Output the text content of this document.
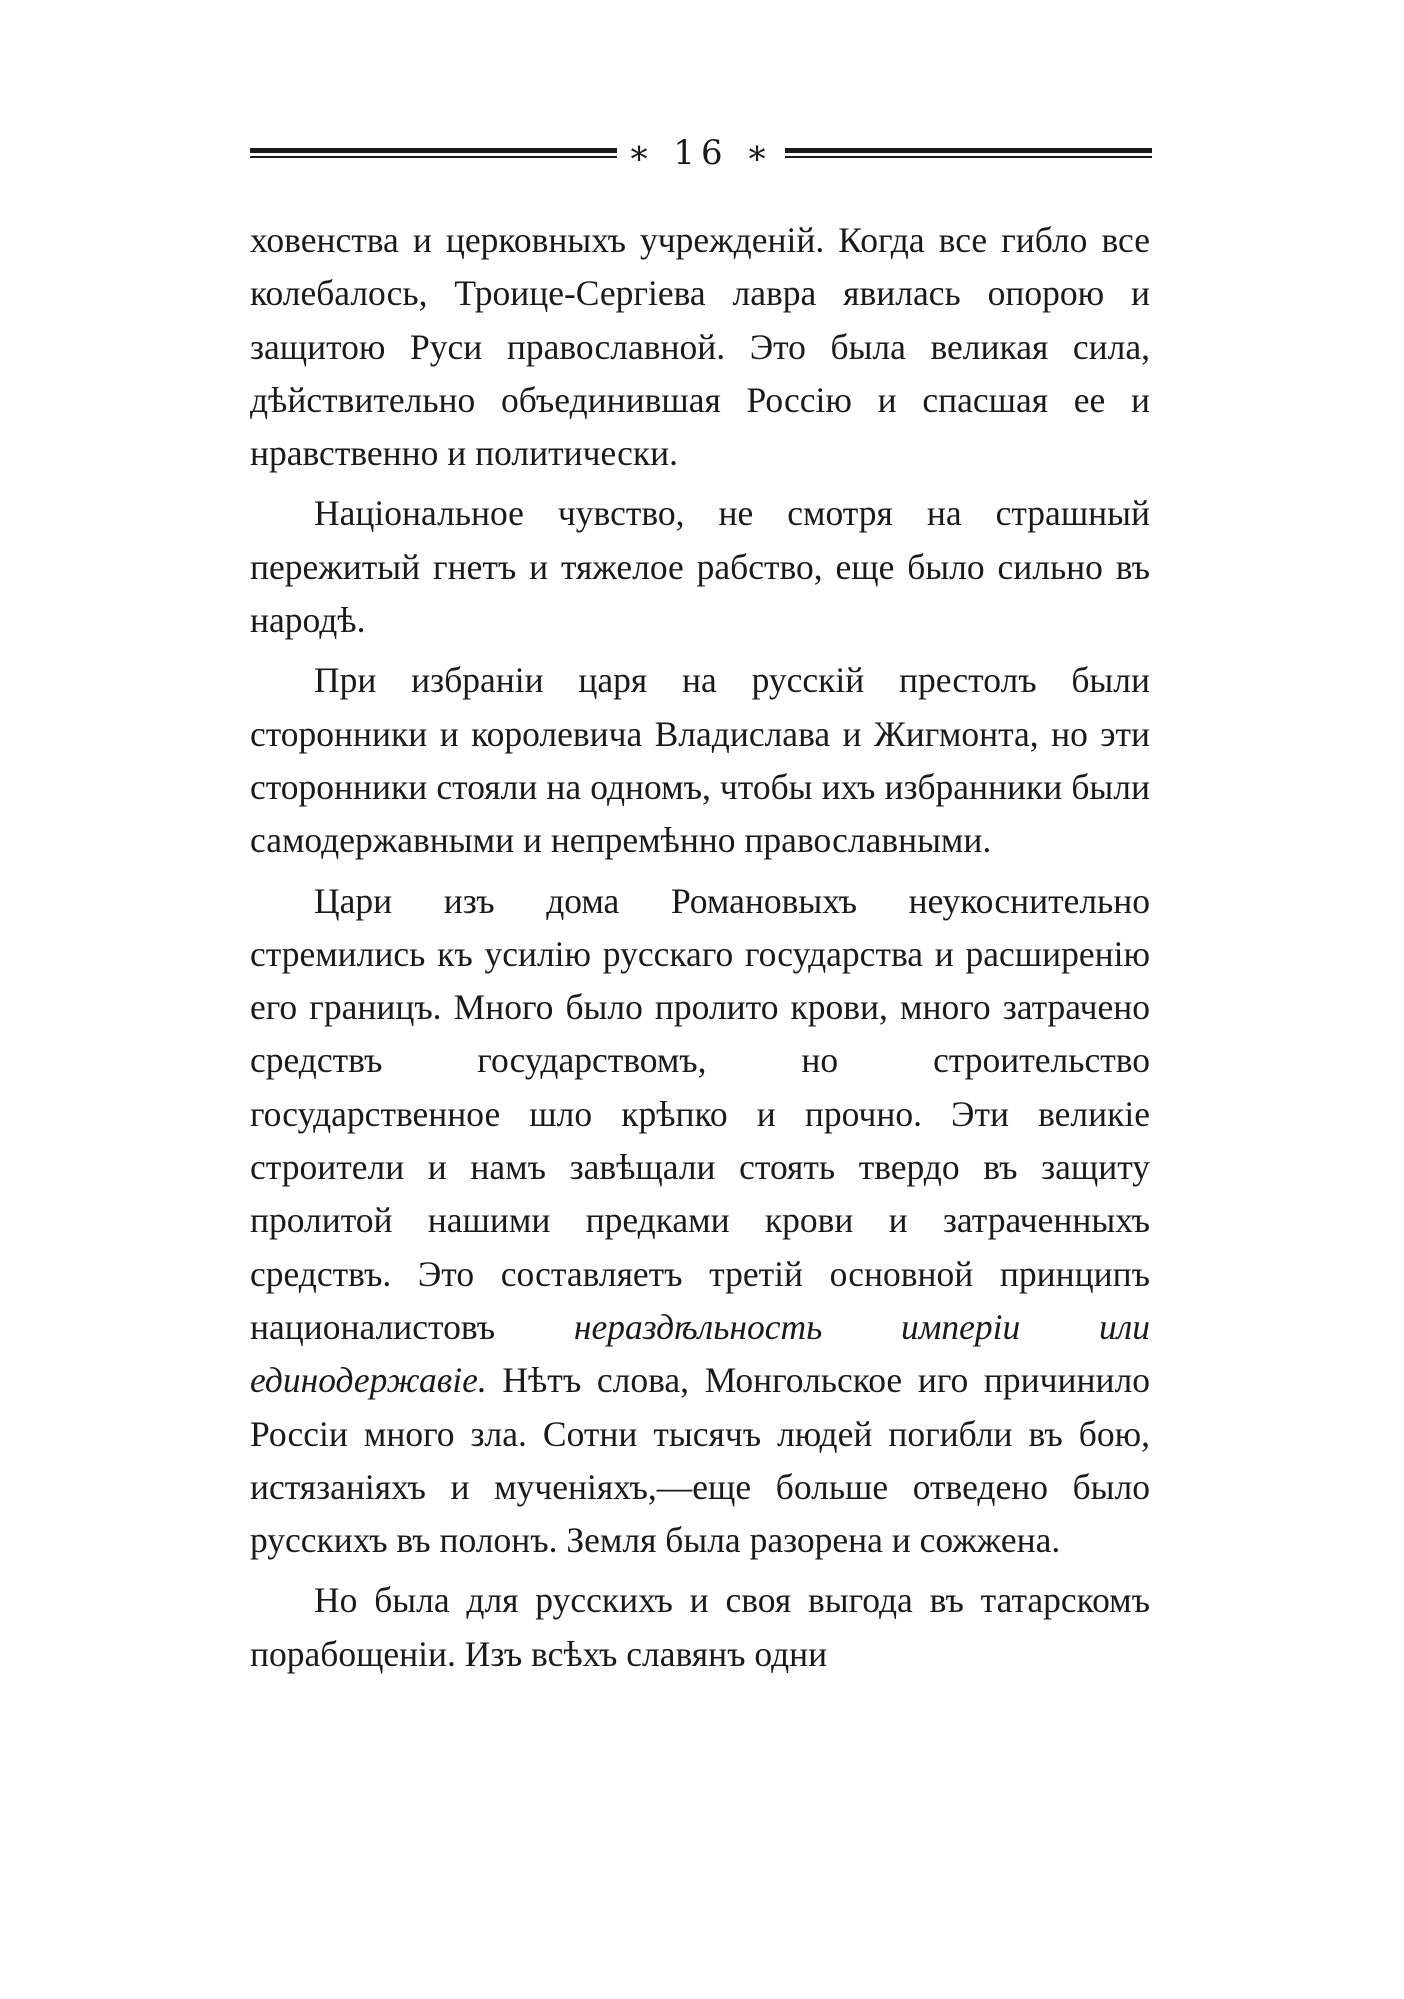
∗ 16 ∗

ховенства и церковныхъ учрежденій. Когда все гибло все колебалось, Троице-Сергіева лавра явилась опорою и защитою Руси православной. Это была великая сила, дѣйствительно объединившая Россію и спасшая ее и нравственно и политически.

Національное чувство, не смотря на страшный пережитый гнетъ и тяжелое рабство, еще было сильно въ народѣ.

При избраніи царя на русскій престолъ были сторонники и королевича Владислава и Жигмонта, но эти сторонники стояли на одномъ, чтобы ихъ избранники были самодержавными и непремѣнно православными.

Цари изъ дома Романовыхъ неукоснительно стремились къ усилію русскаго государства и расширенію его границъ. Много было пролито крови, много затрачено средствъ государствомъ, но строительство государственное шло крѣпко и прочно. Эти великіе строители и намъ завѣщали стоять твердо въ защиту пролитой нашими предками крови и затраченныхъ средствъ. Это составляетъ третій основной принципъ националистовъ нераздѣльность имперіи или единодержавіе. Нѣтъ слова, Монгольское иго причинило Россіи много зла. Сотни тысячъ людей погибли въ бою, истязаніяхъ и мученіяхъ,—еще больше отведено было русскихъ въ полонъ. Земля была разорена и сожжена.

Но была для русскихъ и своя выгода въ татарскомъ порабощеніи. Изъ всѣхъ славянъ одни
